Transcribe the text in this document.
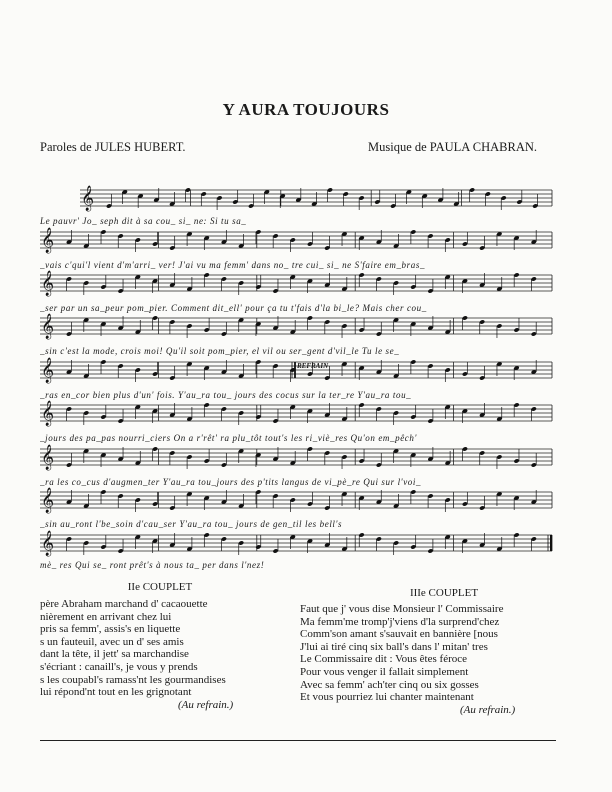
Y AURA TOUJOURS
Paroles de JULES HUBERT.	Musique de PAULA CHABRAN.
𝄞
𝄞
𝄞
𝄞
𝄞
𝄞
𝄞
𝄞
𝄞
Le pauvr' Jo_ seph dit à sa cou_ si_ ne: Si tu sa_
_vais c'qui'l vient d'm'arri_ ver! J'ai vu ma femm' dans no_ tre cui_ si_ ne S'faire em_bras_
_ser par un sa_peur pom_pier. Comment dit_ell' pour ça tu t'fais d'la bi_le? Mais cher cou_
_sin c'est la mode, crois moi! Qu'il soit pom_pier, el vil ou ser_gent d'vil_le Tu le se_
_ras en_cor bien plus d'un' fois. Y'au_ra tou_ jours des cocus sur la ter_re Y'au_ra tou_
_jours des pa_pas nourri_ciers On a r'rêt' ra plu_tôt tout's les ri_viè_res Qu'on em_pêch'
_ra les co_cus d'augmen_ter Y'au_ra tou_jours des p'tits langus de vi_pè_re Qui sur l'voi_
_sin au_ront l'be_soin d'cau_ser Y'au_ra tou_ jours de gen_til les bell's
mè_ res Qui se_ ront prêt's à nous ta_ per dans l'nez!
REFRAIN
IIe COUPLET
père Abraham marchand d' cacaouette
nièrement en arrivant chez lui
pris sa femm', assis's en liquette
s un fauteuil, avec un d' ses amis
dant la tête, il jett' sa marchandise
s'écriant : canaill's, je vous y prends
s les coupabl's ramass'nt les gourmandises
lui répond'nt tout en les grignotant
(Au refrain.)
IIIe COUPLET
Faut que j' vous dise Monsieur l' Commissaire
Ma femm'me tromp'j'viens d'la surprend'chez
Comm'son amant s'sauvait en bannière [nous
J'lui ai tiré cinq six ball's dans l' mitan' tres
Le Commissaire dit : Vous êtes féroce
Pour vous venger il fallait simplement
Avec sa femm' ach'ter cinq ou six gosses
Et vous pourriez lui chanter maintenant
(Au refrain.)
